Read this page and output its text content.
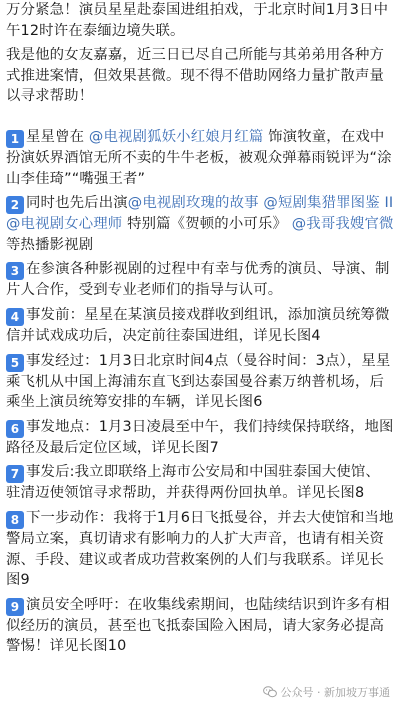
万分紧急！演员星星赴泰国进组拍戏，于北京时间1月3日中午12时许在泰缅边境失联。

我是他的女友嘉嘉，近三日已尽自己所能与其弟弟用各种方式推进案情，但效果甚微。现不得不借助网络力量扩散声量以寻求帮助！

1 星星曾在 @电视剧狐妖小红娘月红篇 饰演牧童，在戏中扮演妖界酒馆无所不卖的牛牛老板，被观众弹幕雨锐评为“涂山李佳琦”“嘴强王者”

2 同时也先后出演@电视剧玫瑰的故事 @短剧集猎罪图鉴 II @电视剧女心理师 特别篇《贺顿的小可乐》 @我哥我嫂官微 等热播影视剧

3 在参演各种影视剧的过程中有幸与优秀的演员、导演、制片人合作，受到专业老师们的指导与认可。

4 事发前：星星在某演员接戏群收到组讯，添加演员统筹微信并试戏成功后，决定前往泰国进组，详见长图4

5 事发经过：1月3日北京时间4点（曼谷时间：3点），星星乘飞机从中国上海浦东直飞到达泰国曼谷素万纳普机场，后乘坐上演员统筹安排的车辆，详见长图6

6 事发地点：1月3日凌晨至中午，我们持续保持联络，地图路径及最后定位区域，详见长图7

7 事发后:我立即联络上海市公安局和中国驻泰国大使馆、驻清迈使领馆寻求帮助，并获得两份回执单。详见长图8

8 下一步动作：我将于1月6日飞抵曼谷，并去大使馆和当地警局立案，真切请求有影响力的人扩大声音，也请有相关资源、手段、建议或者成功营救案例的人们与我联系。详见长图9

9 演员安全呼吁：在收集线索期间，也陆续结识到许多有相似经历的演员，甚至也飞抵泰国险入困局，请大家务必提高警惕！详见长图10

公众号 · 新加坡万事通
